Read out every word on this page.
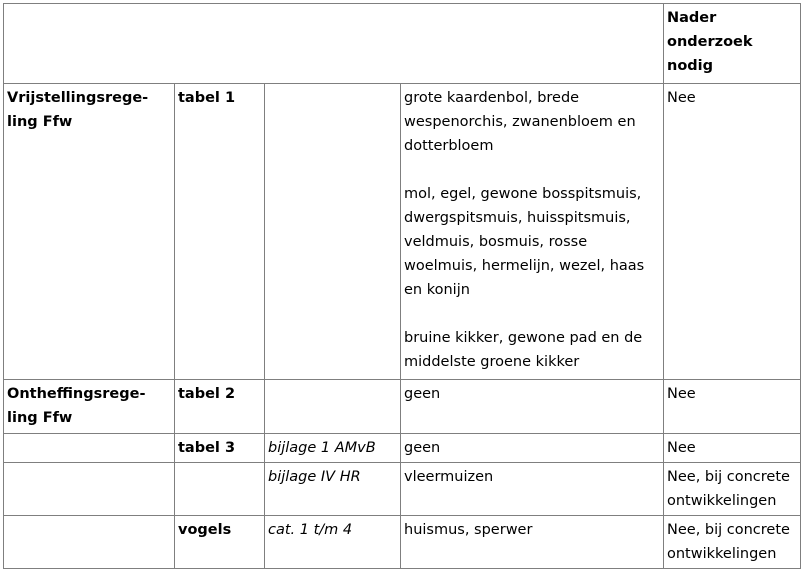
				Nader
onderzoek
nodig

Vrijstellingsrege-
ling Ffw	tabel 1		grote kaardenbol, brede wespenorchis, zwanenbloem en dotterbloem
mol, egel, gewone bosspitsmuis, dwergspitsmuis, huisspitsmuis, veldmuis, bosmuis, rosse woelmuis, hermelijn, wezel, haas en konijn
bruine kikker, gewone pad en de middelste groene kikker	Nee

Ontheffingsrege-
ling Ffw	tabel 2		geen	Nee
	tabel 3	bijlage 1 AMvB	geen	Nee
		bijlage IV HR	vleermuizen	Nee, bij concrete ontwikkelingen
	vogels	cat. 1 t/m 4	huismus, sperwer	Nee, bij concrete ontwikkelingen
